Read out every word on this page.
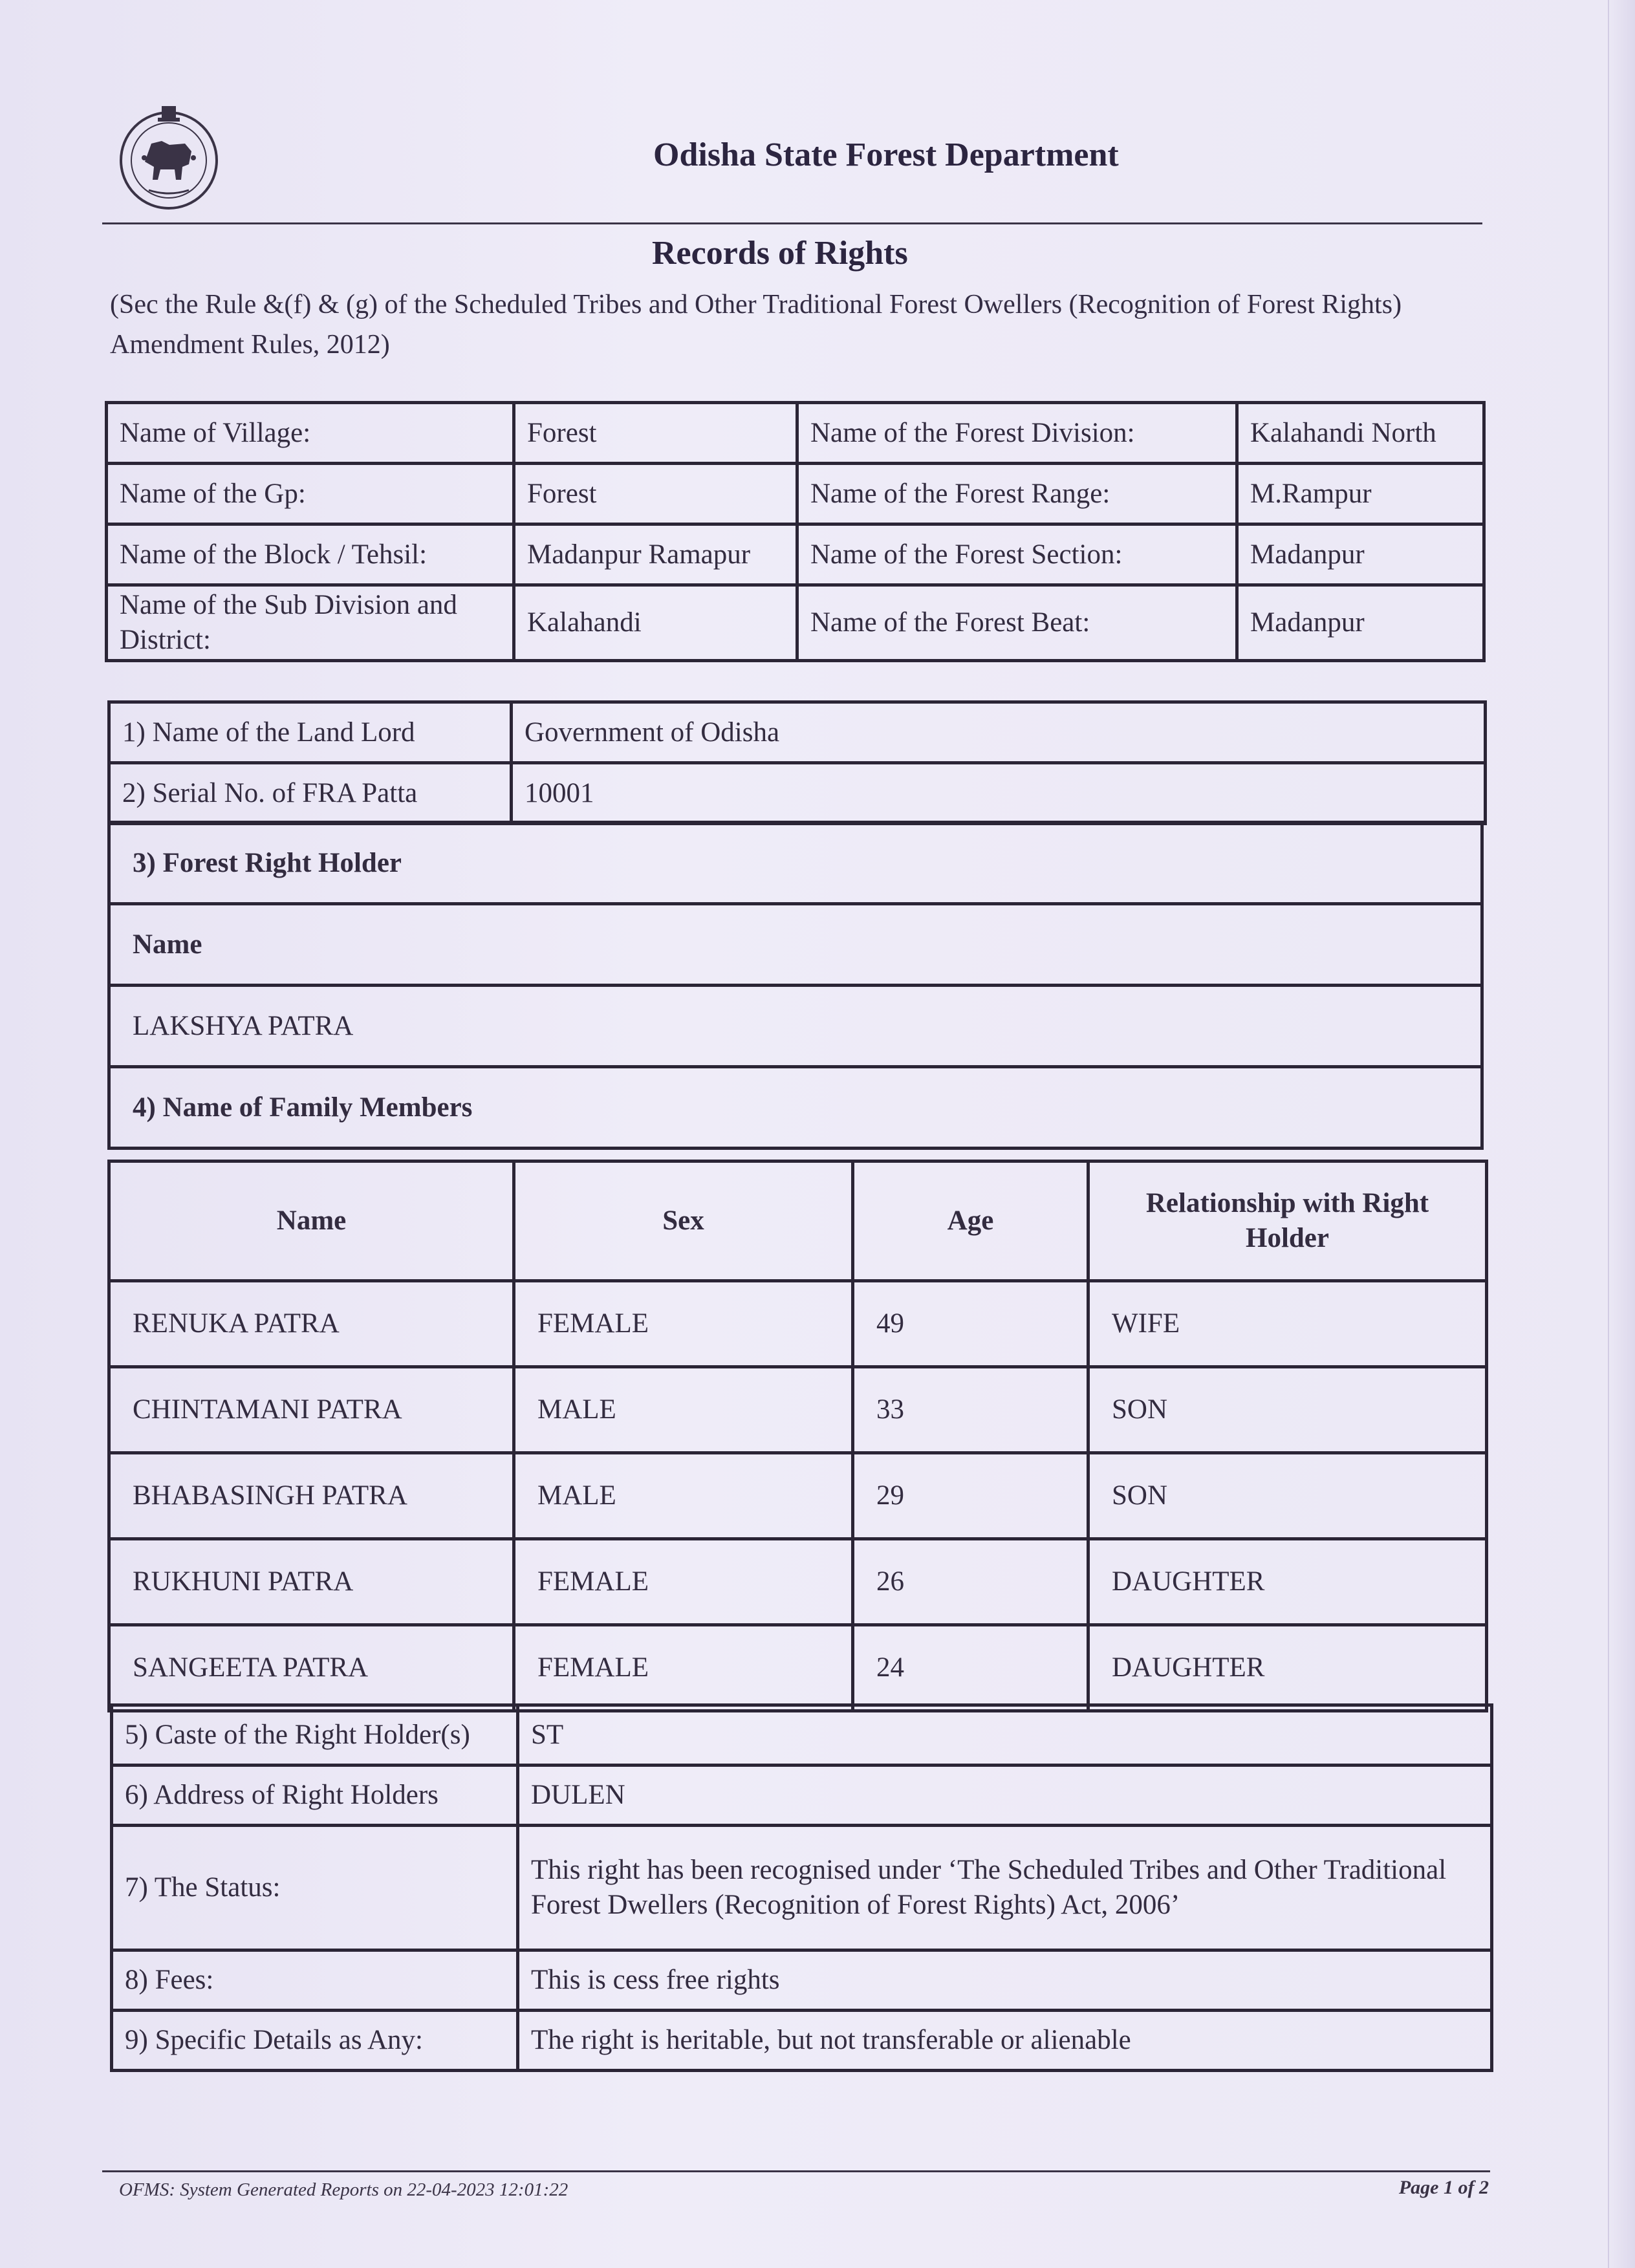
Odisha State Forest Department
Records of Rights
(Sec the Rule &(f) & (g) of the Scheduled Tribes and Other Traditional Forest Owellers (Recognition of Forest Rights) Amendment Rules, 2012)
Name of Village:	Forest	Name of the Forest Division:	Kalahandi North
Name of the Gp:	Forest	Name of the Forest Range:	M.Rampur
Name of the Block / Tehsil:	Madanpur Ramapur	Name of the Forest Section:	Madanpur
Name of the Sub Division and District:	Kalahandi	Name of the Forest Beat:	Madanpur
1) Name of the Land Lord	Government of Odisha
2) Serial No. of FRA Patta	10001
3) Forest Right Holder
Name
LAKSHYA PATRA
4) Name of Family Members
Name	Sex	Age	Relationship with Right Holder
RENUKA PATRA	FEMALE	49	WIFE
CHINTAMANI PATRA	MALE	33	SON
BHABASINGH PATRA	MALE	29	SON
RUKHUNI PATRA	FEMALE	26	DAUGHTER
SANGEETA PATRA	FEMALE	24	DAUGHTER
5) Caste of the Right Holder(s)	ST
6) Address of Right Holders	DULEN
7) The Status:	This right has been recognised under ‘The Scheduled Tribes and Other Traditional
Forest Dwellers (Recognition of Forest Rights) Act, 2006’

8) Fees:	This is cess free rights
9) Specific Details as Any:	The right is heritable, but not transferable or alienable
OFMS: System Generated Reports on 22-04-2023 12:01:22	Page 1 of 2
